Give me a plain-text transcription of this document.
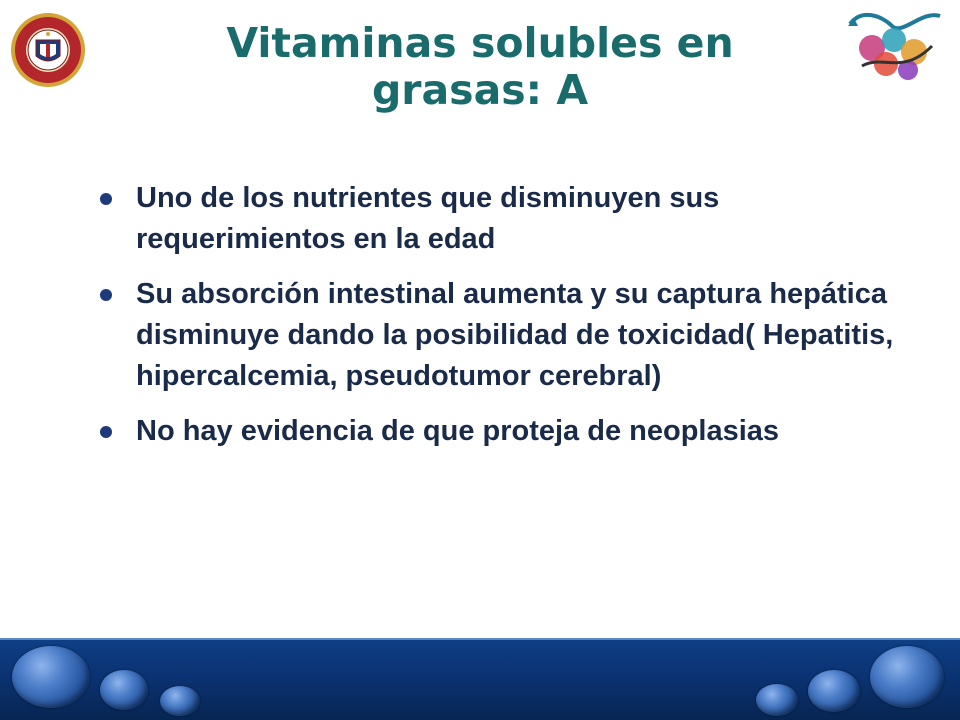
Vitaminas solubles en
grasas: A
Uno de los nutrientes que disminuyen sus requerimientos en la edad
Su absorción intestinal aumenta y su captura hepática disminuye dando la posibilidad de toxicidad( Hepatitis, hipercalcemia, pseudotumor cerebral)
No hay evidencia de que proteja de neoplasias
